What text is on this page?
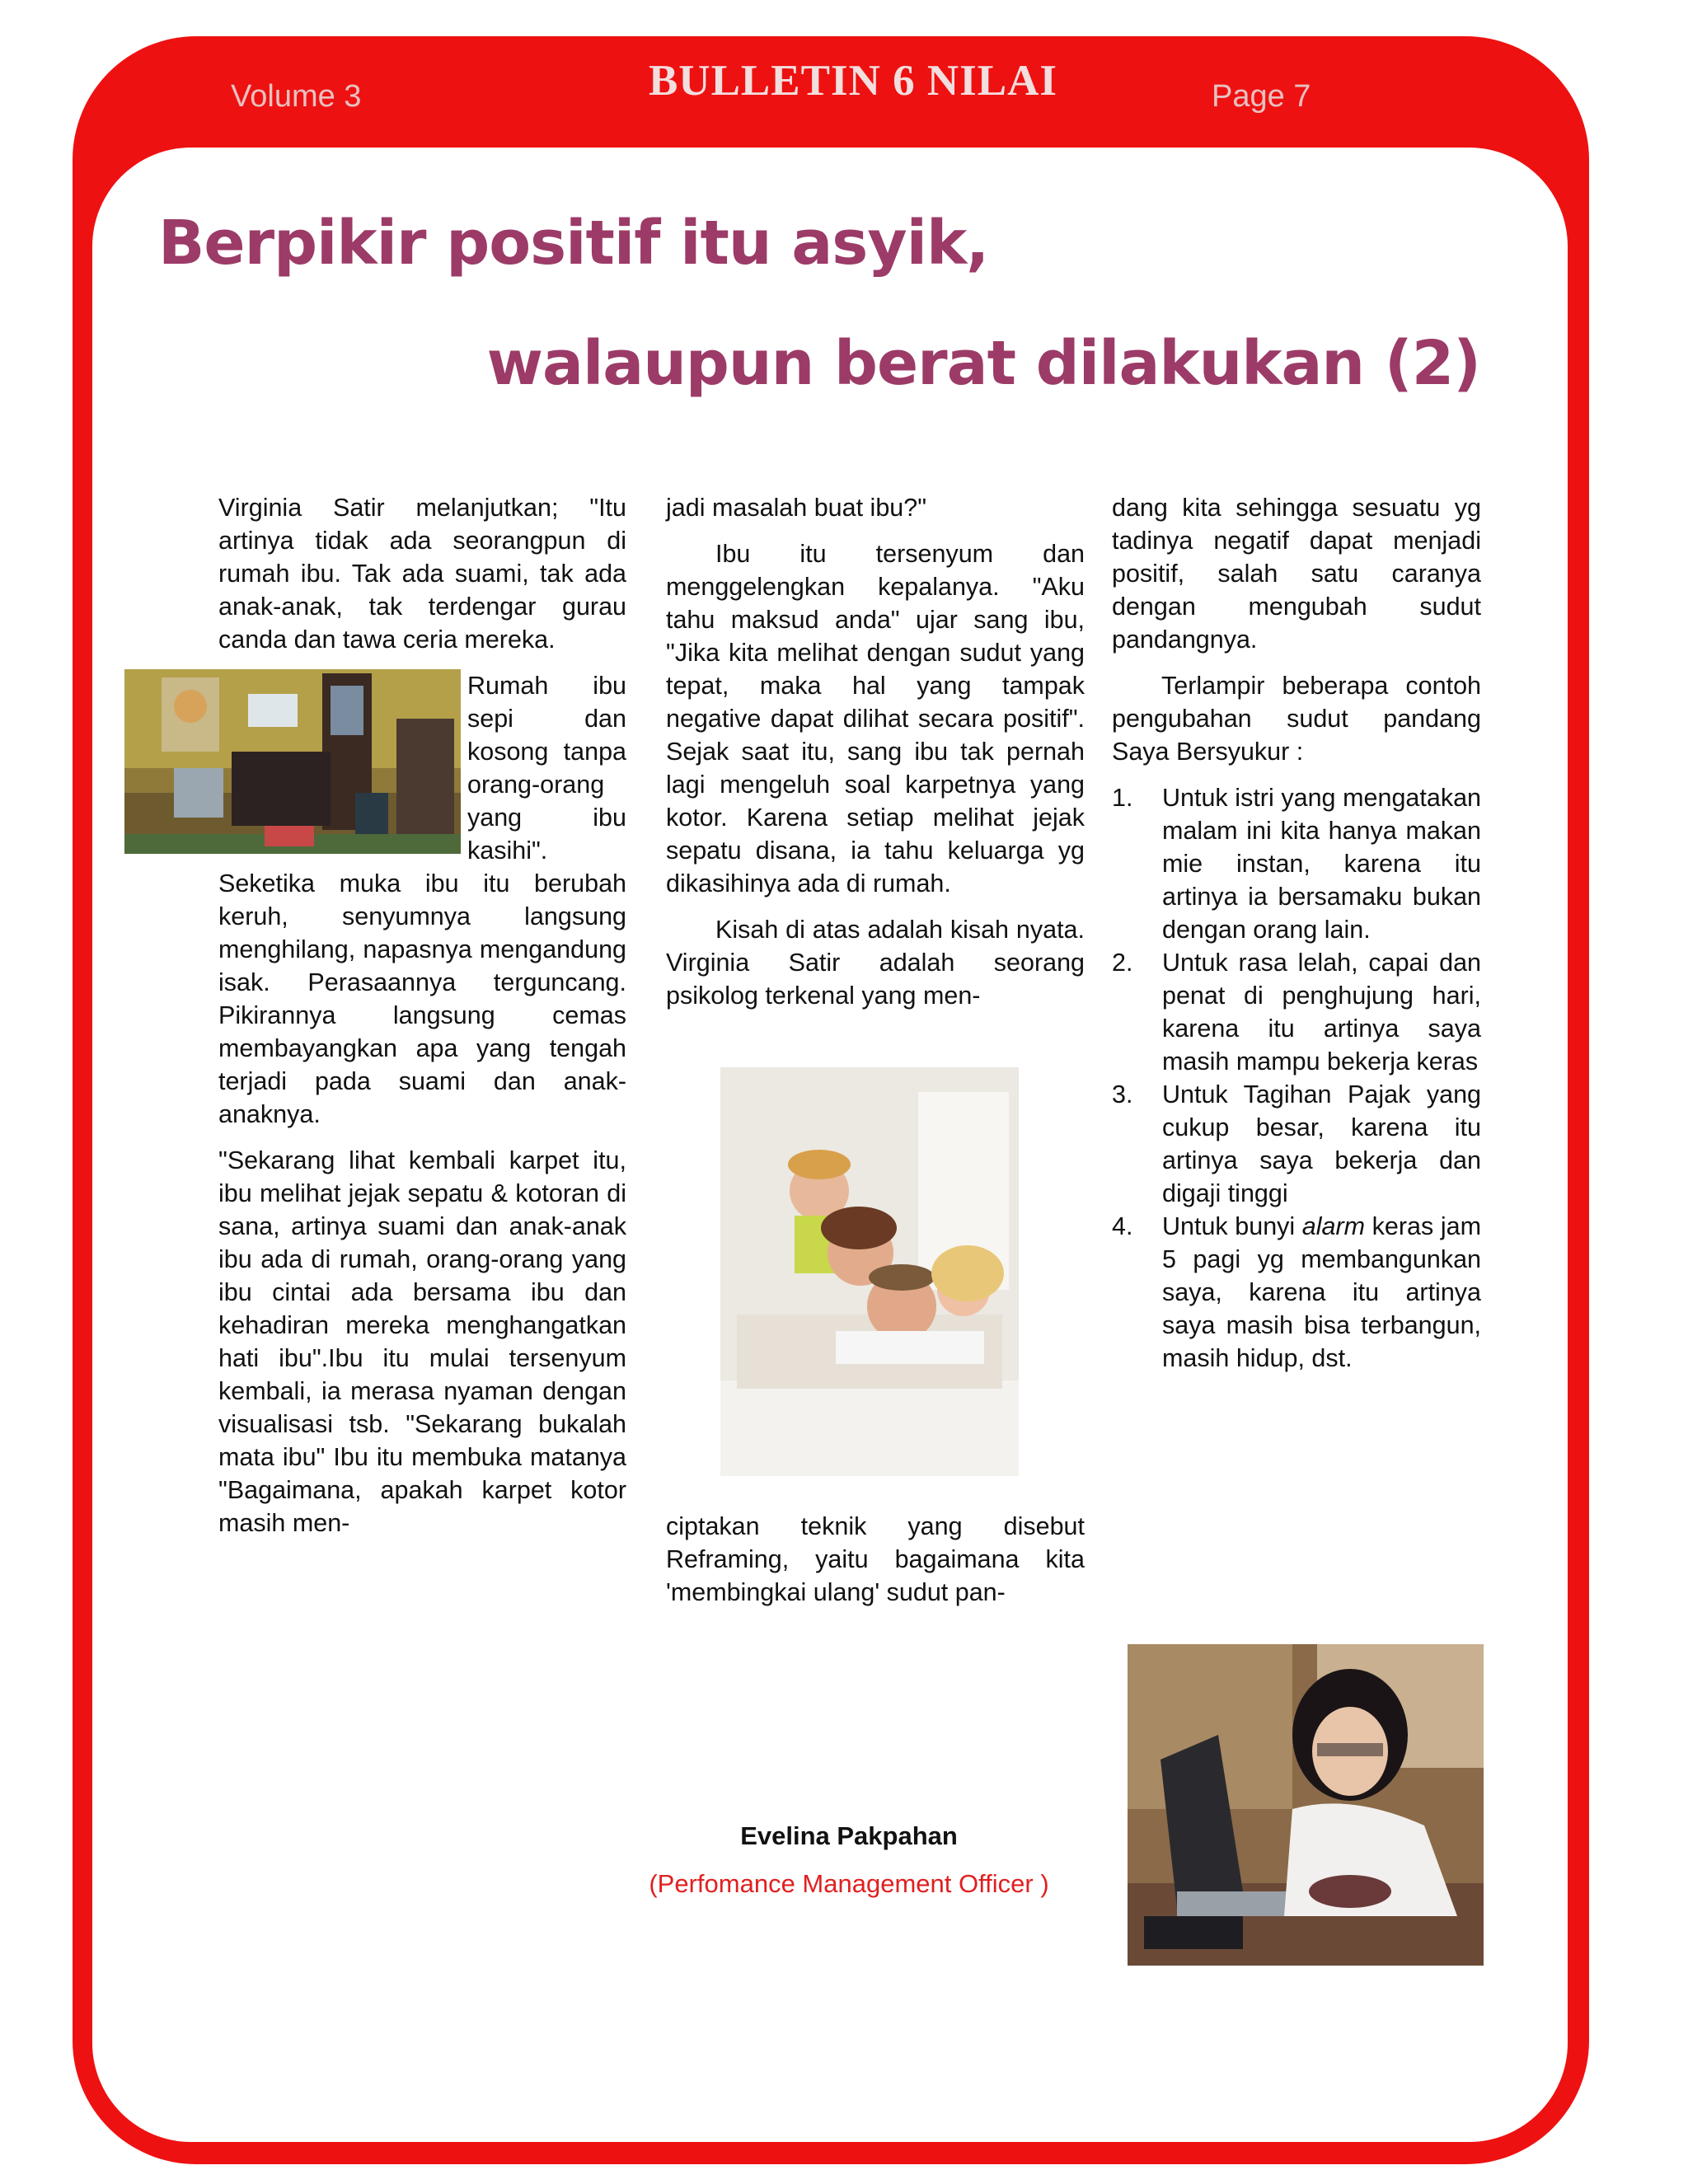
Volume 3	BULLETIN 6 NILAI	Page 7
Berpikir positif itu asyik,
walaupun berat dilakukan (2)

Virginia Satir melanjutkan; "Itu artinya tidak ada seorangpun di rumah ibu. Tak ada suami, tak ada anak-anak, tak terdengar gurau canda dan tawa ceria mereka.

Rumah ibu sepi dan kosong tanpa orang-orang yang ibu kasihi". Seketika muka ibu itu berubah keruh, senyumnya langsung menghilang, napasnya mengandung isak. Perasaannya terguncang. Pikirannya langsung cemas membayangkan apa yang tengah terjadi pada suami dan anak-anaknya.

"Sekarang lihat kembali karpet itu, ibu melihat jejak sepatu & kotoran di sana, artinya suami dan anak-anak ibu ada di rumah, orang-orang yang ibu cintai ada bersama ibu dan kehadiran mereka menghangatkan hati ibu".Ibu itu mulai tersenyum kembali, ia merasa nyaman dengan visualisasi tsb. "Sekarang bukalah mata ibu" Ibu itu membuka matanya "Bagaimana, apakah karpet kotor masih men-

jadi masalah buat ibu?"

Ibu itu tersenyum dan menggelengkan kepalanya. "Aku tahu maksud anda" ujar sang ibu, "Jika kita melihat dengan sudut yang tepat, maka hal yang tampak negative dapat dilihat secara positif". Sejak saat itu, sang ibu tak pernah lagi mengeluh soal karpetnya yang kotor. Karena setiap melihat jejak sepatu disana, ia tahu keluarga yg dikasihinya ada di rumah.

Kisah di atas adalah kisah nyata. Virginia Satir adalah seorang psikolog terkenal yang men-

ciptakan teknik yang disebut Reframing, yaitu bagaimana kita 'membingkai ulang' sudut pan-

dang kita sehingga sesuatu yg tadinya negatif dapat menjadi positif, salah satu caranya dengan mengubah sudut pandangnya.

Terlampir beberapa contoh pengubahan sudut pandang Saya Bersyukur :

1.	Untuk istri yang mengatakan malam ini kita hanya makan mie instan, karena itu artinya ia bersamaku bukan dengan orang lain.
2.	Untuk rasa lelah, capai dan penat di penghujung hari, karena itu artinya saya masih mampu bekerja keras
3.	Untuk Tagihan Pajak yang cukup besar, karena itu artinya saya bekerja dan digaji tinggi
4.	Untuk bunyi alarm keras jam 5 pagi yg membangunkan saya, karena itu artinya saya masih bisa terbangun, masih hidup, dst.
Evelina Pakpahan
(Perfomance Management Officer )
